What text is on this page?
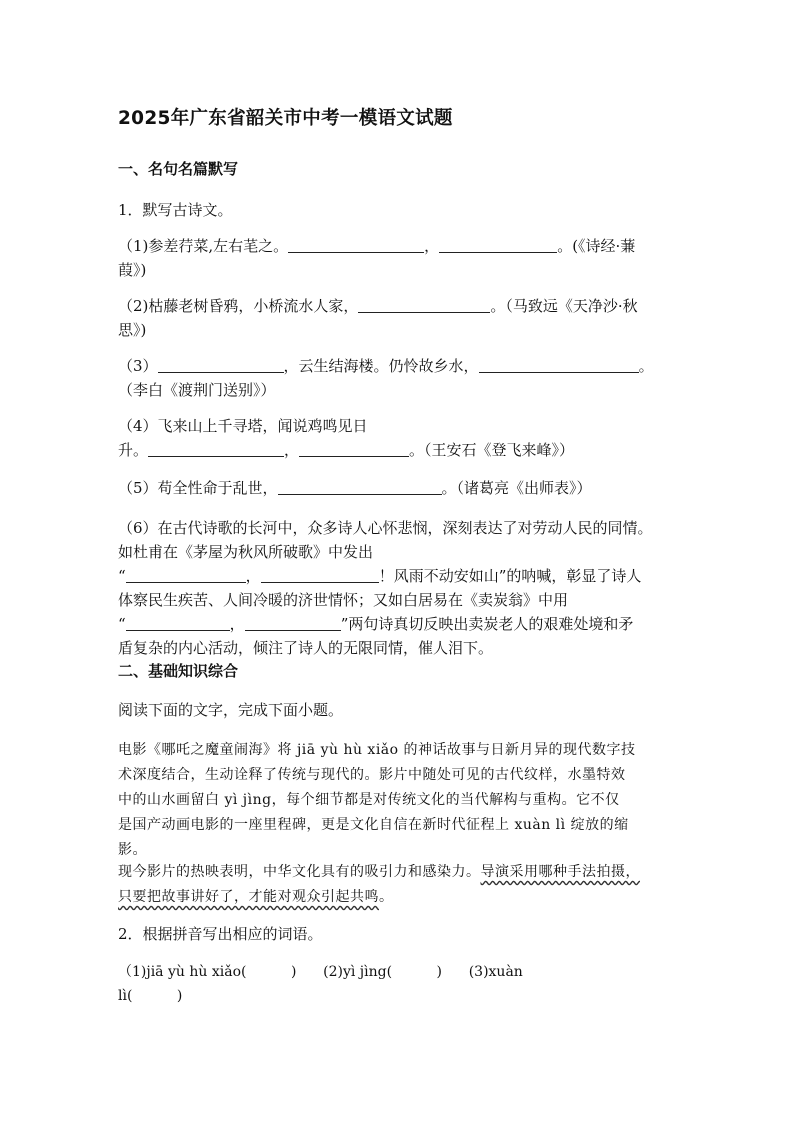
2025年广东省韶关市中考一模语文试题
一、名句名篇默写
1．默写古诗文。
（1)参差荇菜,左右芼之。	，	。(《诗经·蒹
葭》)
（2)枯藤老树昏鸦，小桥流水人家，	。（马致远《天净沙·秋
思》)
（3）	，云生结海楼。仍怜故乡水，	。
（李白《渡荆门送别》）
（4）飞来山上千寻塔，闻说鸡鸣见日
升。	，	。（王安石《登飞来峰》）
（5）苟全性命于乱世，	。（诸葛亮《出师表》）
（6）在古代诗歌的长河中，众多诗人心怀悲悯，深刻表达了对劳动人民的同情。
如杜甫在《茅屋为秋风所破歌》中发出
“	，	！风雨不动安如山”的呐喊，彰显了诗人
体察民生疾苦、人间冷暖的济世情怀；又如白居易在《卖炭翁》中用
“	，	”两句诗真切反映出卖炭老人的艰难处境和矛
盾复杂的内心活动，倾注了诗人的无限同情，催人泪下。
二、基础知识综合
阅读下面的文字，完成下面小题。
电影《哪吒之魔童闹海》将 jiā yù hù xiǎo 的神话故事与日新月异的现代数字技
术深度结合，生动诠释了传统与现代的。影片中随处可见的古代纹样，水墨特效
中的山水画留白 yì jìng，每个细节都是对传统文化的当代解构与重构。它不仅
是国产动画电影的一座里程碑，更是文化自信在新时代征程上 xuàn lì 绽放的缩
影。
现今影片的热映表明，中华文化具有的吸引力和感染力。导演采用哪种手法拍摄，
只要把故事讲好了，才能对观众引起共鸣。
2．根据拼音写出相应的词语。
（1)jiā yù hù xiǎo(          )      (2)yì jìng(          )      (3)xuàn
lì(          )
